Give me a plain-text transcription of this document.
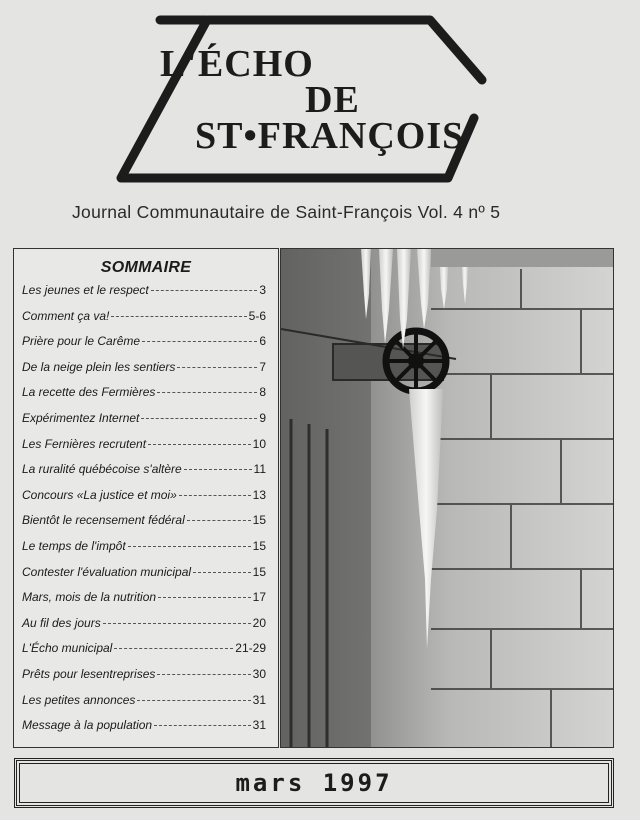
L'ÉCHO
DE
ST•FRANÇOIS
Journal Communautaire de Saint-François Vol. 4 nº 5
SOMMAIRE
Les jeunes et le respect	3
Comment ça va!	5-6
Prière pour le Carême	6
De la neige plein les sentiers	7
La recette des Fermières	8
Expérimentez Internet	9
Les Fernières recrutent	10
La ruralité québécoise s'altère	11
Concours «La justice et moi»	13
Bientôt le recensement fédéral	15
Le temps de l'impôt	15
Contester l'évaluation municipal	15
Mars, mois de la nutrition	17
Au fil des jours	20
L'Écho municipal	21-29
Prêts pour lesentreprises	30
Les petites annonces	31
Message à la population	31
mars 1997
